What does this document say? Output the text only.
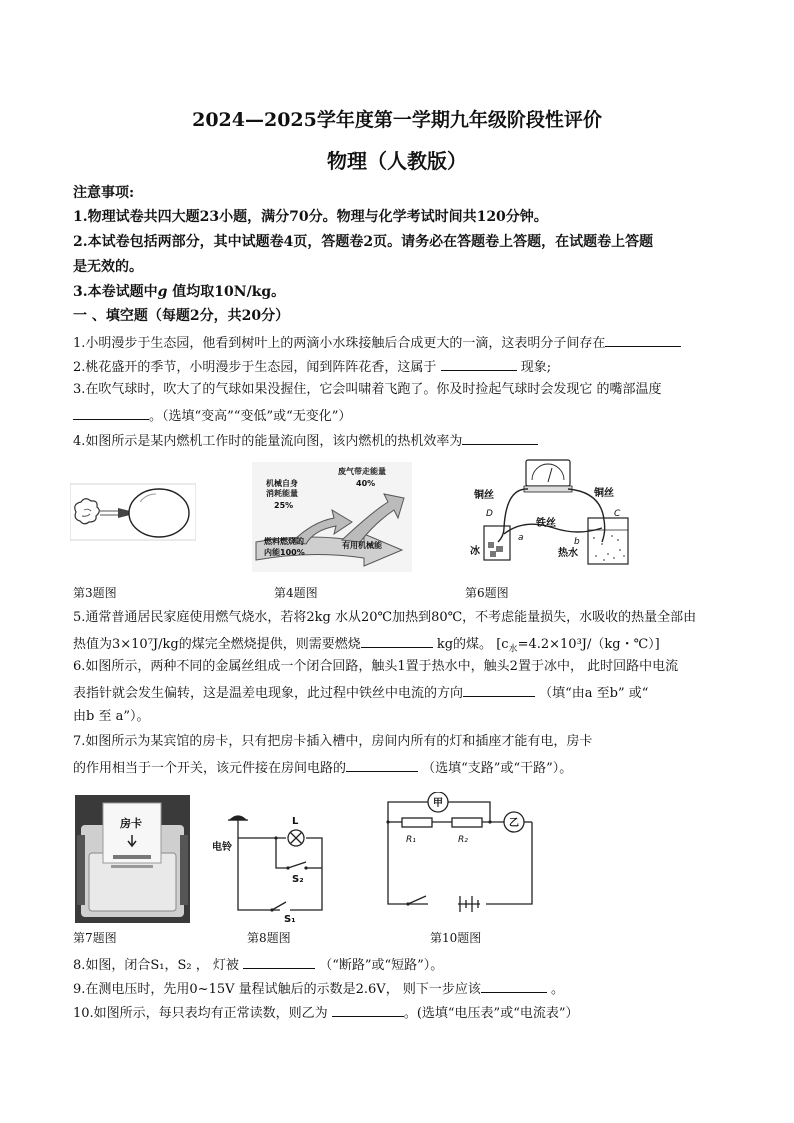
2024—2025学年度第一学期九年级阶段性评价
物理（人教版）
注意事项:
1.物理试卷共四大题23小题，满分70分。物理与化学考试时间共120分钟。
2.本试卷包括两部分，其中试题卷4页，答题卷2页。请务必在答题卷上答题，在试题卷上答题
是无效的。
3.本卷试题中g 值均取10N/kg。
一 、填空题（每题2分，共20分）
1.小明漫步于生态园，他看到树叶上的两滴小水珠接触后合成更大的一滴，这表明分子间存在
2.桃花盛开的季节，小明漫步于生态园，闻到阵阵花香，这属于	现象;
3.在吹气球时，吹大了的气球如果没握住，它会叫啸着飞跑了。你及时捡起气球时会发现它 的嘴部温度
。（选填“变高”“变低”或“无变化”）
4.如图所示是某内燃机工作时的能量流向图，该内燃机的热机效率为
第3题图
机械自身
消耗能量
25%
废气带走能量
40%
燃料燃烧的
内能100%
有用机械能
第4题图
铜丝	铜丝
铁丝
冰	热水
D	C
a	b
第6题图
5.通常普通居民家庭使用燃气烧水，若将2kg 水从20℃加热到80℃，不考虑能量损失，水吸收的热量全部由
热值为3×10⁷J/kg的煤完全燃烧提供，则需要燃烧	kg的煤。 [$c_水=4.2\times 10^3J/(kg$・℃）]
6.如图所示，两种不同的金属丝组成一个闭合回路，触头1置于热水中，触头2置于冰中， 此时回路中电流
表指针就会发生偏转，这是温差电现象，此过程中铁丝中电流的方向	（填“由a 至b” 或“
由b 至 a”）。
7.如图所示为某宾馆的房卡，只有把房卡插入槽中，房间内所有的灯和插座才能有电，房卡
的作用相当于一个开关，该元件接在房间电路的	（选填“支路”或“干路”）。
房卡
第7题图
电铃
L
S₂
S₁
第8题图
甲
乙
R₁	R₂
第10题图
8.如图，闭合S₁，S₂ ， 灯被	（“断路”或“短路”）。
9.在测电压时，先用0~15V 量程试触后的示数是2.6V， 则下一步应该	。
10.如图所示，每只表均有正常读数，则乙为	。(选填“电压表”或“电流表”）
